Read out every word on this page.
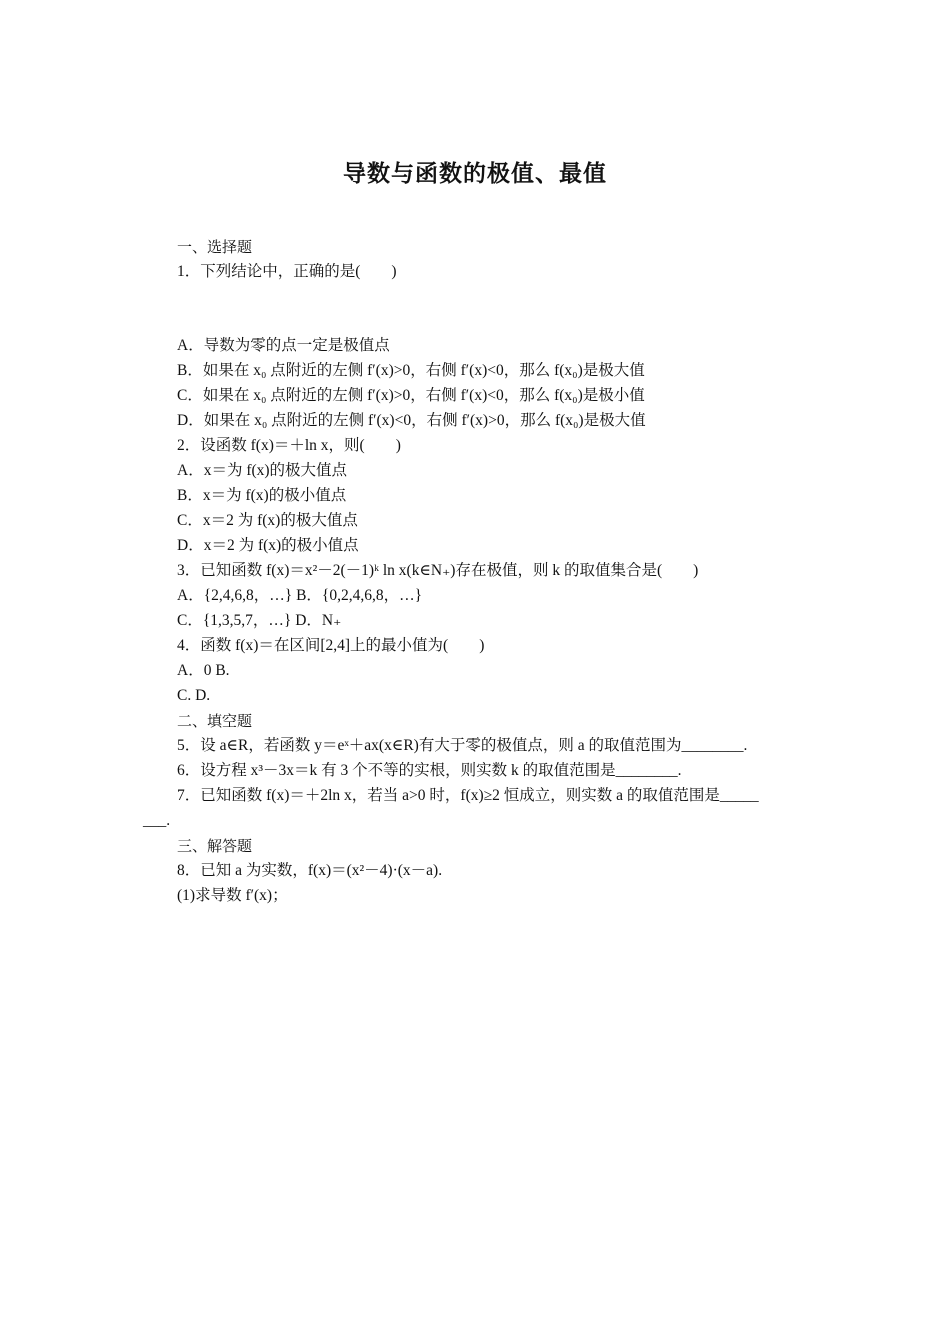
导数与函数的极值、最值
一、选择题
1．下列结论中，正确的是(　　)
A．导数为零的点一定是极值点
B．如果在 x₀ 点附近的左侧 f′(x)>0，右侧 f′(x)<0，那么 f(x₀)是极大值
C．如果在 x₀ 点附近的左侧 f′(x)>0，右侧 f′(x)<0，那么 f(x₀)是极小值
D．如果在 x₀ 点附近的左侧 f′(x)<0，右侧 f′(x)>0，那么 f(x₀)是极大值
2．设函数 f(x)＝＋ln x，则(　　)
A．x＝为 f(x)的极大值点
B．x＝为 f(x)的极小值点
C．x＝2 为 f(x)的极大值点
D．x＝2 为 f(x)的极小值点
3．已知函数 f(x)＝x²－2(－1)ᵏ ln x(k∈N₊)存在极值，则 k 的取值集合是(　　)
A．{2,4,6,8，…} B．{0,2,4,6,8，…}
C．{1,3,5,7，…} D．N₊
4．函数 f(x)＝在区间[2,4]上的最小值为(　　)
A．0 B.
C. D.
二、填空题
5．设 a∈R，若函数 y＝eˣ＋ax(x∈R)有大于零的极值点，则 a 的取值范围为________.
6．设方程 x³－3x＝k 有 3 个不等的实根，则实数 k 的取值范围是________.
7．已知函数 f(x)＝＋2ln x，若当 a>0 时，f(x)≥2 恒成立，则实数 a 的取值范围是_____
___.
三、解答题
8．已知 a 为实数，f(x)＝(x²－4)·(x－a).
(1)求导数 f′(x)；
